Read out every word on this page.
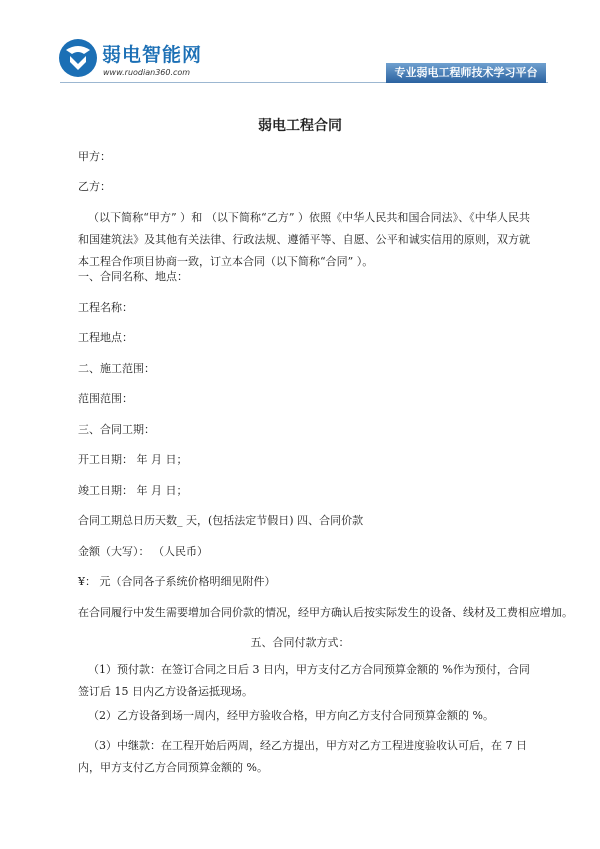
弱电智能网
www.ruodian360.com	专业弱电工程师技术学习平台
弱电工程合同
甲方：
乙方：
（以下简称“甲方” ）和 （以下简称“乙方” ）依照《中华人民共和国合同法》、《中华人民共和国建筑法》及其他有关法律、行政法规、遵循平等、自愿、公平和诚实信用的原则，双方就本工程合作项目协商一致，订立本合同（以下简称“合同” ）。
一、合同名称、地点：
工程名称：
工程地点：
二、施工范围：
范围范围：
三、合同工期：
开工日期： 年 月 日；
竣工日期： 年 月 日；
合同工期总日历天数_ 天，(包括法定节假日) 四、合同价款
金额（大写）： （人民币）
¥： 元（合同各子系统价格明细见附件）
在合同履行中发生需要增加合同价款的情况，经甲方确认后按实际发生的设备、线材及工费相应增加。
五、合同付款方式：
（1）预付款：在签订合同之日后 3 日内，甲方支付乙方合同预算金额的 %作为预付，合同签订后 15 日内乙方设备运抵现场。
（2）乙方设备到场一周内，经甲方验收合格，甲方向乙方支付合同预算金额的 %。
（3）中继款：在工程开始后两周，经乙方提出，甲方对乙方工程进度验收认可后，在 7 日内，甲方支付乙方合同预算金额的 %。
